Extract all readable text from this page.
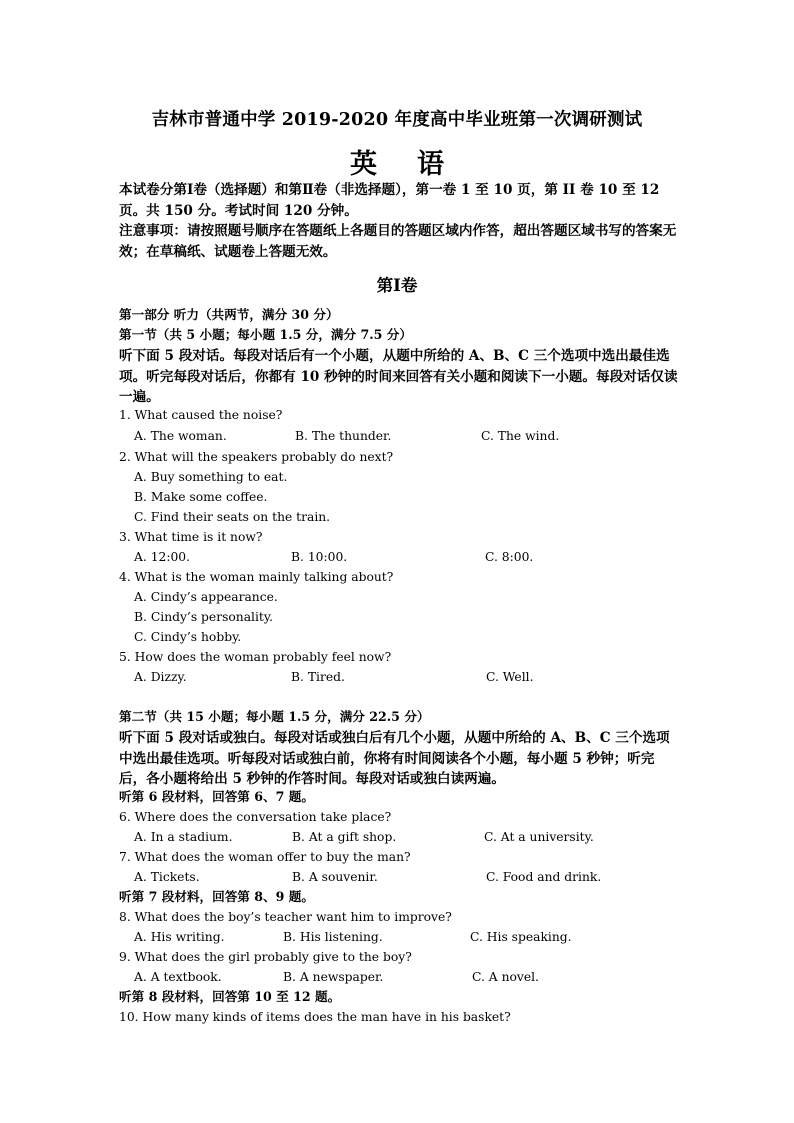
吉林市普通中学 2019-2020 年度高中毕业班第一次调研测试
英语
本试卷分第Ⅰ卷（选择题）和第Ⅱ卷（非选择题），第一卷 1 至 10 页，第 II 卷 10 至 12 页。共 150 分。考试时间 120 分钟。
注意事项：请按照题号顺序在答题纸上各题目的答题区域内作答，超出答题区域书写的答案无效；在草稿纸、试题卷上答题无效。
第Ⅰ卷
第一部分 听力（共两节，满分 30 分）
第一节（共 5 小题；每小题 1.5 分，满分 7.5 分）
听下面 5 段对话。每段对话后有一个小题，从题中所给的 A、B、C 三个选项中选出最佳选项。听完每段对话后，你都有 10 秒钟的时间来回答有关小题和阅读下一小题。每段对话仅读一遍。
1. What caused the noise?
A. The woman.	B. The thunder.	C. The wind.
2. What will the speakers probably do next?
A. Buy something to eat.
B. Make some coffee.
C. Find their seats on the train.
3. What time is it now?
A. 12:00.	B. 10:00.	C. 8:00.
4. What is the woman mainly talking about?
A. Cindy’s appearance.
B. Cindy’s personality.
C. Cindy’s hobby.
5. How does the woman probably feel now?
A. Dizzy.	B. Tired.	C. Well.
第二节（共 15 小题；每小题 1.5 分，满分 22.5 分）
听下面 5 段对话或独白。每段对话或独白后有几个小题，从题中所给的 A、B、C 三个选项中选出最佳选项。听每段对话或独白前，你将有时间阅读各个小题，每小题 5 秒钟；听完后，各小题将给出 5 秒钟的作答时间。每段对话或独白读两遍。
听第 6 段材料，回答第 6、7 题。
6. Where does the conversation take place?
A. In a stadium.	B. At a gift shop.	C. At a university.
7. What does the woman offer to buy the man?
A. Tickets.	B. A souvenir.	C. Food and drink.
听第 7 段材料，回答第 8、9 题。
8. What does the boy’s teacher want him to improve?
A. His writing.	B. His listening.	C. His speaking.
9. What does the girl probably give to the boy?
A. A textbook.	B. A newspaper.	C. A novel.
听第 8 段材料，回答第 10 至 12 题。
10. How many kinds of items does the man have in his basket?
